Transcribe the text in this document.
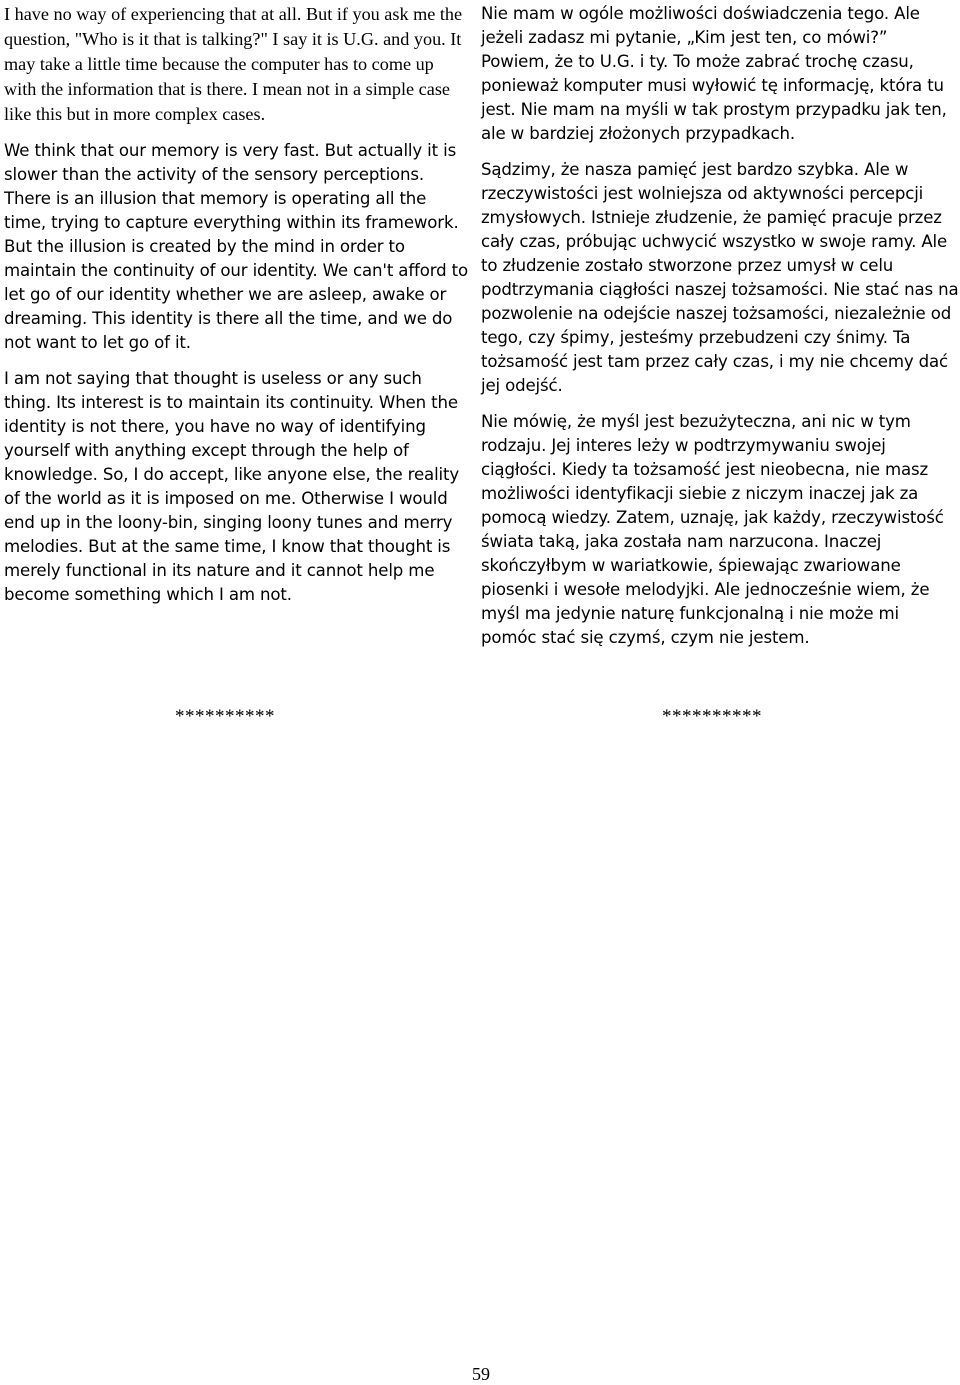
I have no way of experiencing that at all. But if you ask me the question, "Who is it that is talking?" I say it is U.G. and you. It may take a little time because the computer has to come up with the information that is there. I mean not in a simple case like this but in more complex cases.

We think that our memory is very fast. But actually it is slower than the activity of the sensory perceptions. There is an illusion that memory is operating all the time, trying to capture everything within its framework. But the illusion is created by the mind in order to maintain the continuity of our identity. We can't afford to let go of our identity whether we are asleep, awake or dreaming. This identity is there all the time, and we do not want to let go of it.

I am not saying that thought is useless or any such thing. Its interest is to maintain its continuity. When the identity is not there, you have no way of identifying yourself with anything except through the help of knowledge. So, I do accept, like anyone else, the reality of the world as it is imposed on me. Otherwise I would end up in the loony-bin, singing loony tunes and merry melodies. But at the same time, I know that thought is merely functional in its nature and it cannot help me become something which I am not.

Nie mam w ogóle możliwości doświadczenia tego. Ale jeżeli zadasz mi pytanie, „Kim jest ten, co mówi?” Powiem, że to U.G. i ty. To może zabrać trochę czasu, ponieważ komputer musi wyłowić tę informację, która tu jest. Nie mam na myśli w tak prostym przypadku jak ten, ale w bardziej złożonych przypadkach.

Sądzimy, że nasza pamięć jest bardzo szybka. Ale w rzeczywistości jest wolniejsza od aktywności percepcji zmysłowych. Istnieje złudzenie, że pamięć pracuje przez cały czas, próbując uchwycić wszystko w swoje ramy. Ale to złudzenie zostało stworzone przez umysł w celu podtrzymania ciągłości naszej tożsamości. Nie stać nas na pozwolenie na odejście naszej tożsamości, niezależnie od tego, czy śpimy, jesteśmy przebudzeni czy śnimy. Ta tożsamość jest tam przez cały czas, i my nie chcemy dać jej odejść.

Nie mówię, że myśl jest bezużyteczna, ani nic w tym rodzaju. Jej interes leży w podtrzymywaniu swojej ciągłości. Kiedy ta tożsamość jest nieobecna, nie masz możliwości identyfikacji siebie z niczym inaczej jak za pomocą wiedzy. Zatem, uznaję, jak każdy, rzeczywistość świata taką, jaka została nam narzucona. Inaczej skończyłbym w wariatkowie, śpiewając zwariowane piosenki i wesołe melodyjki. Ale jednocześnie wiem, że myśl ma jedynie naturę funkcjonalną i nie może mi pomóc stać się czymś, czym nie jestem.

**********	**********
59
